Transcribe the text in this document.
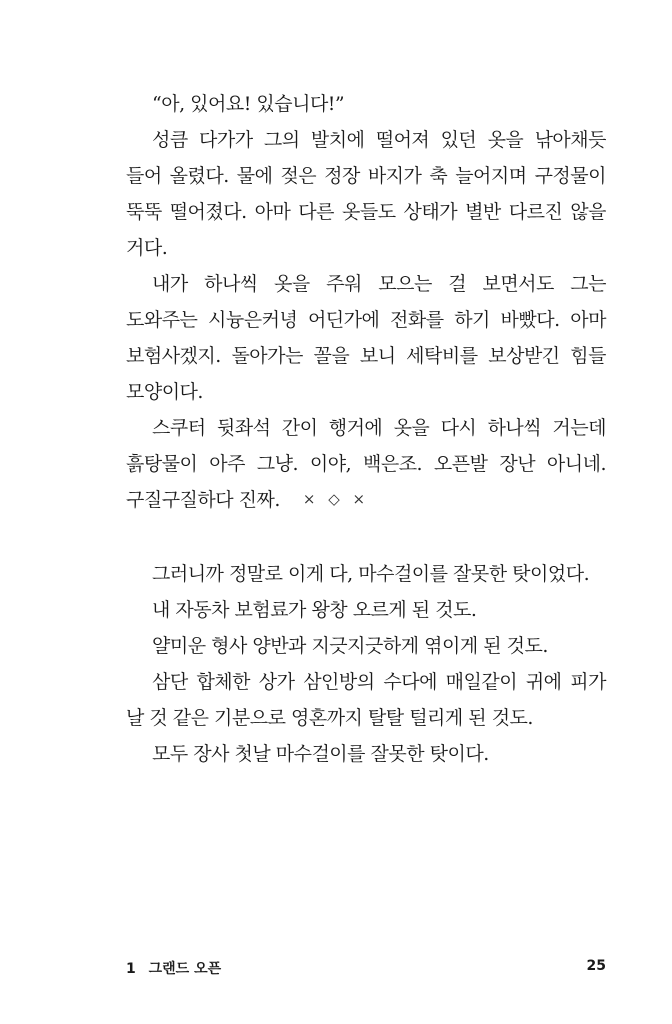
“아, 있어요! 있습니다!”

성큼 다가가 그의 발치에 떨어져 있던 옷을 낚아채듯 들어 올렸다. 물에 젖은 정장 바지가 축 늘어지며 구정물이 뚝뚝 떨어졌다. 아마 다른 옷들도 상태가 별반 다르진 않을 거다.

내가 하나씩 옷을 주워 모으는 걸 보면서도 그는 도와주는 시늉은커녕 어딘가에 전화를 하기 바빴다. 아마 보험사겠지. 돌아가는 꼴을 보니 세탁비를 보상받긴 힘들 모양이다.

스쿠터 뒷좌석 간이 행거에 옷을 다시 하나씩 거는데 흙탕물이 아주 그냥. 이야, 백은조. 오픈발 장난 아니네. 구질구질하다 진짜.	× ◇ ×

그러니까 정말로 이게 다, 마수걸이를 잘못한 탓이었다.

내 자동차 보험료가 왕창 오르게 된 것도.

얄미운 형사 양반과 지긋지긋하게 엮이게 된 것도.

삼단 합체한 상가 삼인방의 수다에 매일같이 귀에 피가 날 것 같은 기분으로 영혼까지 탈탈 털리게 된 것도.

모두 장사 첫날 마수걸이를 잘못한 탓이다.

1 그랜드 오픈	25
